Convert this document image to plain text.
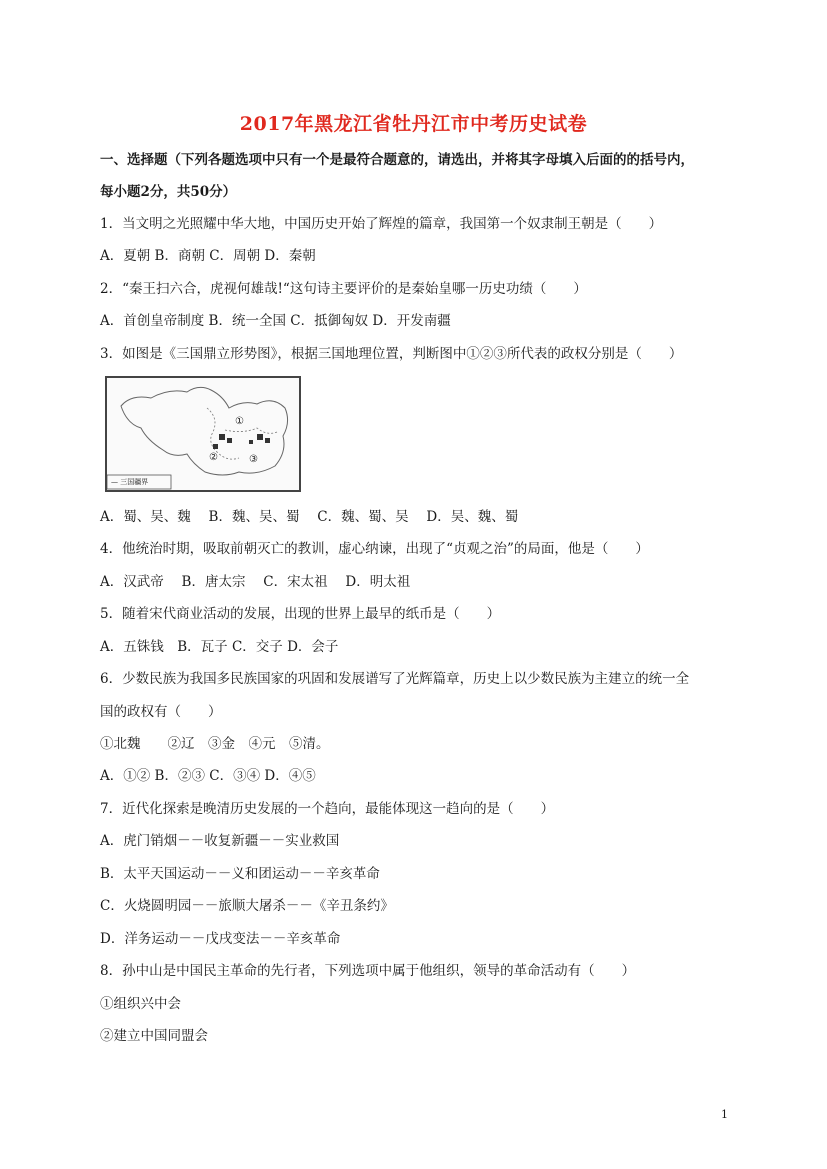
2017年黑龙江省牡丹江市中考历史试卷
一、选择题（下列各题选项中只有一个是最符合题意的，请选出，并将其字母填入后面的的括号内，
每小题2分，共50分）
1．当文明之光照耀中华大地，中国历史开始了辉煌的篇章，我国第一个奴隶制王朝是（　　）
A．夏朝 B．商朝 C．周朝 D．秦朝
2．“秦王扫六合，虎视何雄哉!“这句诗主要评价的是秦始皇哪一历史功绩（　　）
A．首创皇帝制度 B．统一全国 C．抵御匈奴 D．开发南疆
3．如图是《三国鼎立形势图》，根据三国地理位置，判断图中①②③所代表的政权分别是（　　）
①
②	③
— 三国疆界
A．蜀、吴、魏　 B．魏、吴、蜀　 C．魏、蜀、吴　 D．吴、魏、蜀
4．他统治时期，吸取前朝灭亡的教训，虚心纳谏，出现了“贞观之治”的局面，他是（　　）
A．汉武帝　 B．唐太宗　 C．宋太祖　 D．明太祖
5．随着宋代商业活动的发展，出现的世界上最早的纸币是（　　）
A．五铢钱　B．瓦子 C．交子 D．会子
6．少数民族为我国多民族国家的巩固和发展谱写了光辉篇章，历史上以少数民族为主建立的统一全
国的政权有（　　）
①北魏　　②辽　③金　④元　⑤清。
A．①② B．②③ C．③④ D．④⑤
7．近代化探索是晚清历史发展的一个趋向，最能体现这一趋向的是（　　）
A．虎门销烟－－收复新疆－－实业救国
B．太平天国运动－－义和团运动－－辛亥革命
C．火烧圆明园－－旅顺大屠杀－－《辛丑条约》
D．洋务运动－－戊戌变法－－辛亥革命
8．孙中山是中国民主革命的先行者，下列选项中属于他组织，领导的革命活动有（　　）
①组织兴中会
②建立中国同盟会
1
